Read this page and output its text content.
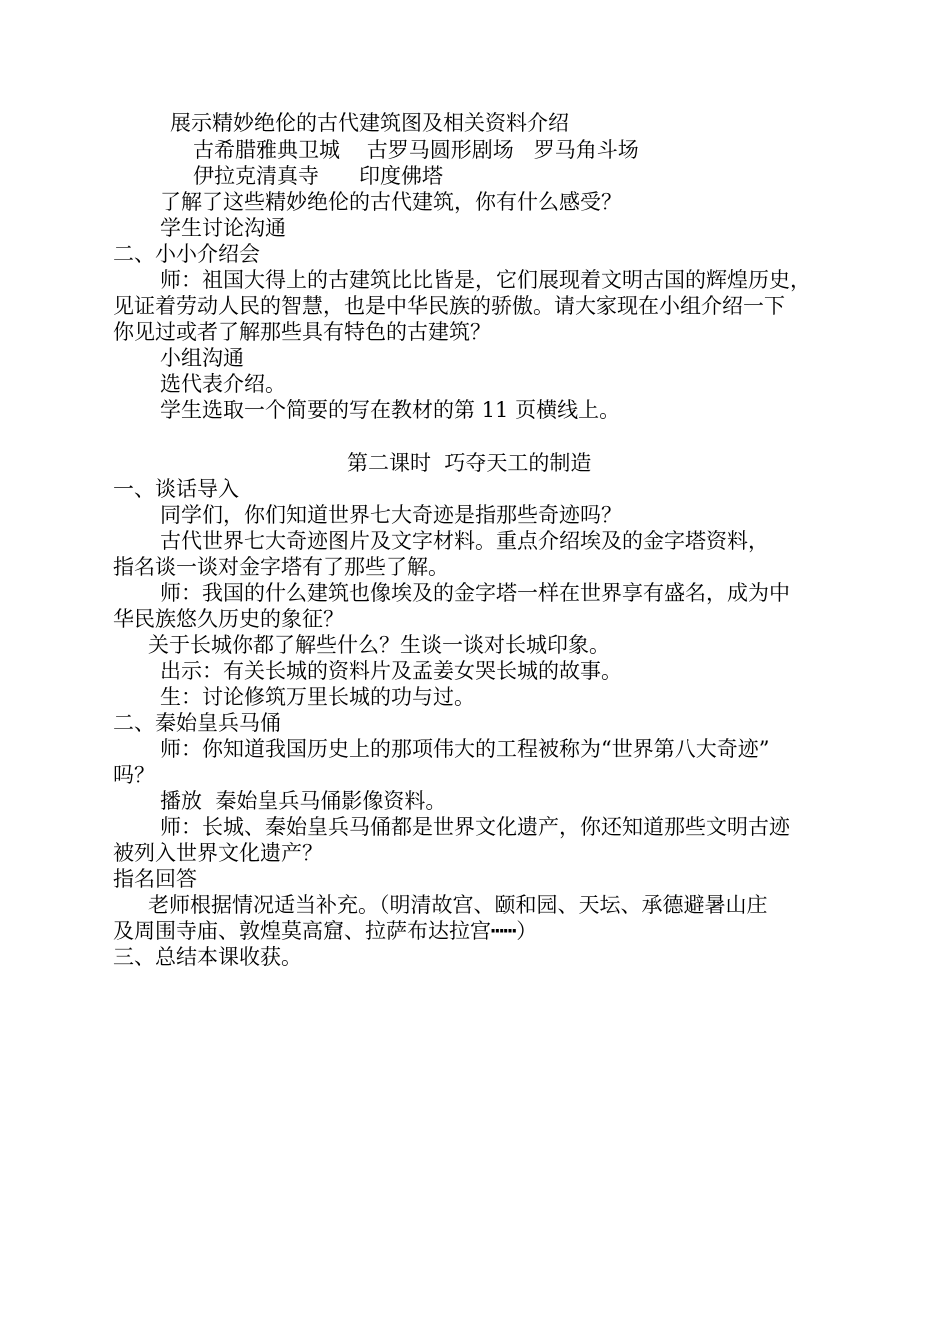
展示精妙绝伦的古代建筑图及相关资料介绍
古希腊雅典卫城    古罗马圆形剧场   罗马角斗场
伊拉克清真寺      印度佛塔
了解了这些精妙绝伦的古代建筑，你有什么感受？
学生讨论沟通
二、小小介绍会
师：祖国大得上的古建筑比比皆是，它们展现着文明古国的辉煌历史，
见证着劳动人民的智慧，也是中华民族的骄傲。请大家现在小组介绍一下
你见过或者了解那些具有特色的古建筑？
小组沟通
选代表介绍。
学生选取一个简要的写在教材的第 11 页横线上。
第二课时  巧夺天工的制造
一、谈话导入
同学们，你们知道世界七大奇迹是指那些奇迹吗？
古代世界七大奇迹图片及文字材料。重点介绍埃及的金字塔资料，
指名谈一谈对金字塔有了那些了解。
师：我国的什么建筑也像埃及的金字塔一样在世界享有盛名，成为中
华民族悠久历史的象征？
关于长城你都了解些什么？生谈一谈对长城印象。
出示：有关长城的资料片及孟姜女哭长城的故事。
生：讨论修筑万里长城的功与过。
二、秦始皇兵马俑
师：你知道我国历史上的那项伟大的工程被称为“世界第八大奇迹”
吗？
播放  秦始皇兵马俑影像资料。
师：长城、秦始皇兵马俑都是世界文化遗产，你还知道那些文明古迹
被列入世界文化遗产？
指名回答
老师根据情况适当补充。（明清故宫、颐和园、天坛、承德避暑山庄
及周围寺庙、敦煌莫高窟、拉萨布达拉宫┅┅）
三、总结本课收获。
